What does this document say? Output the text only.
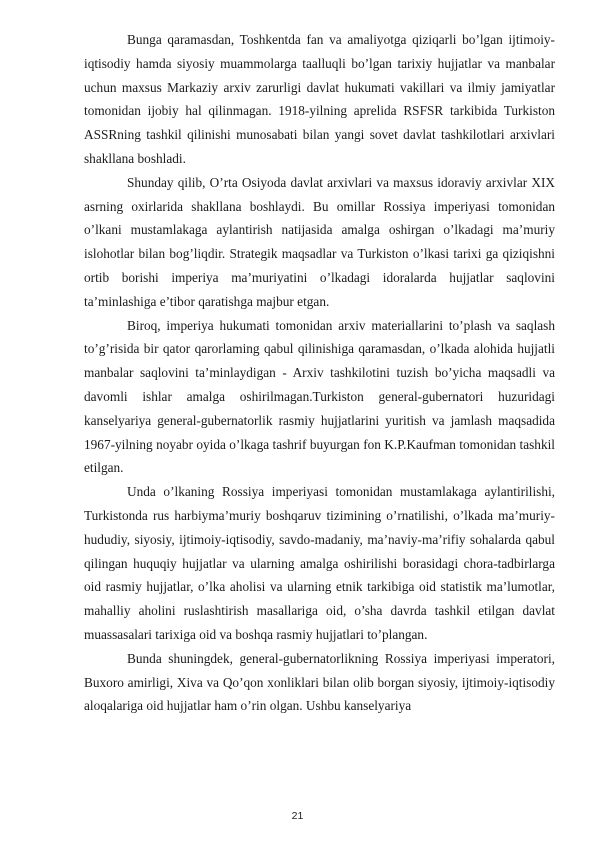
Bunga qaramasdan, Toshkentda fan va amaliyotga qiziqarli bo’lgan ijtimoiy-iqtisodiy hamda siyosiy muammolarga taalluqli bo’lgan tarixiy hujjatlar va manbalar uchun maxsus Markaziy arxiv zarurligi davlat hukumati vakillari va ilmiy jamiyatlar tomonidan ijobiy hal qilinmagan. 1918-yilning aprelida RSFSR tarkibida Turkiston ASSRning tashkil qilinishi munosabati bilan yangi sovet davlat tashkilotlari arxivlari shakllana boshladi.

Shunday qilib, O’rta Osiyoda davlat arxivlari va maxsus idoraviy arxivlar XIX asrning oxirlarida shakllana boshlaydi. Bu omillar Rossiya imperiyasi tomonidan o’lkani mustamlakaga aylantirish natijasida amalga oshirgan o’lkadagi ma’muriy islohotlar bilan bog’liqdir. Strategik maqsadlar va Turkiston o’lkasi tarixi ga qiziqishni ortib borishi imperiya ma’muriyatini o’lkadagi idoralarda hujjatlar saqlovini ta’minlashiga e’tibor qaratishga majbur etgan.

Biroq, imperiya hukumati tomonidan arxiv materiallarini to’plash va saqlash to’g’risida bir qator qarorlaming qabul qilinishiga qaramasdan, o’lkada alohida hujjatli manbalar saqlovini ta’minlaydigan - Arxiv tashkilotini tuzish bo’yicha maqsadli va davomli ishlar amalga oshirilmagan.Turkiston general-gubernatori huzuridagi kanselyariya general-gubernatorlik rasmiy hujjatlarini yuritish va jamlash maqsadida 1967-yilning noyabr oyida o’lkaga tashrif buyurgan fon K.P.Kaufman tomonidan tashkil etilgan.

Unda o’lkaning Rossiya imperiyasi tomonidan mustamlakaga aylantirilishi, Turkistonda rus harbiyma’muriy boshqaruv tizimining o’rnatilishi, o’lkada ma’muriy-hududiy, siyosiy, ijtimoiy-iqtisodiy, savdo-madaniy, ma’naviy-ma’rifiy sohalarda qabul qilingan huquqiy hujjatlar va ularning amalga oshirilishi borasidagi chora-tadbirlarga oid rasmiy hujjatlar, o’lka aholisi va ularning etnik tarkibiga oid statistik ma’lumotlar, mahalliy aholini ruslashtirish masallariga oid, o’sha davrda tashkil etilgan davlat muassasalari tarixiga oid va boshqa rasmiy hujjatlari to’plangan.

Bunda shuningdek, general-gubernatorlikning Rossiya imperiyasi imperatori, Buxoro amirligi, Xiva va Qo’qon xonliklari bilan olib borgan siyosiy, ijtimoiy-iqtisodiy aloqalariga oid hujjatlar ham o’rin olgan. Ushbu kanselyariya

21
